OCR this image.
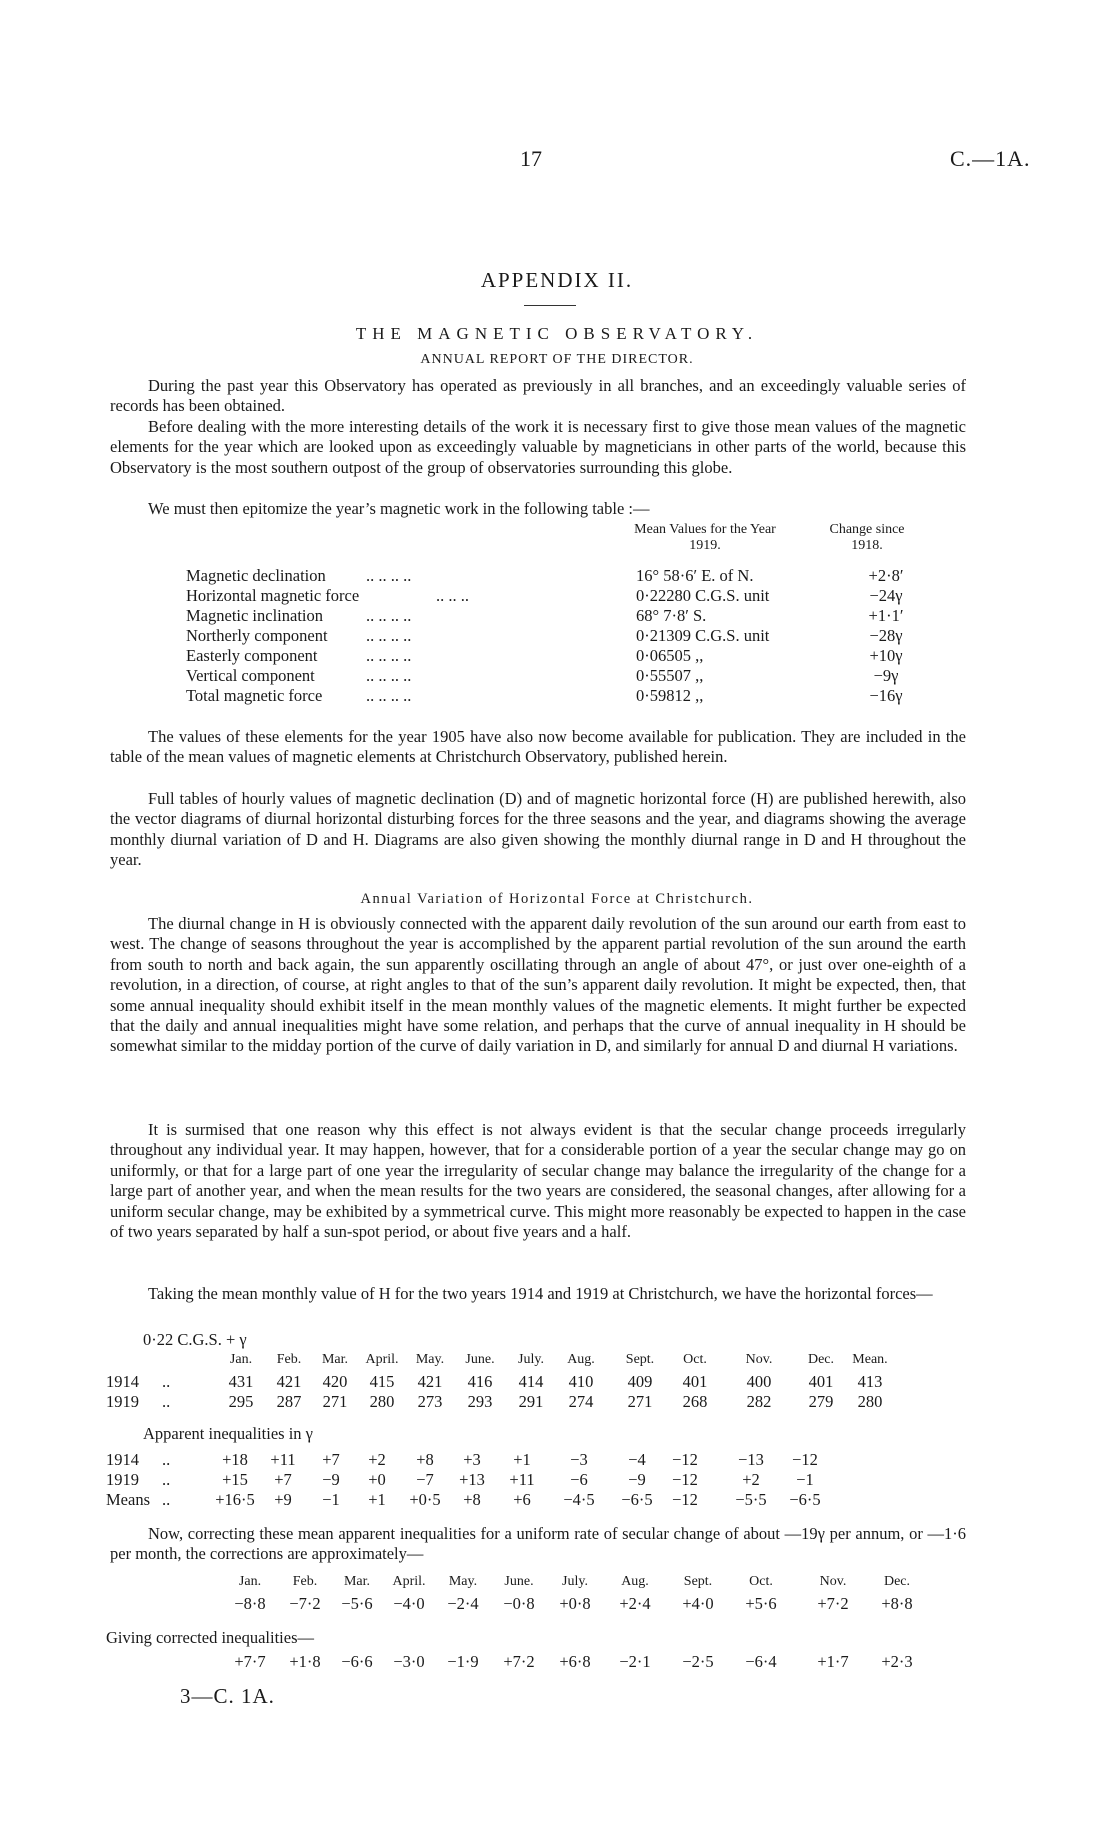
17	C.—1A.
APPENDIX II.
THE MAGNETIC OBSERVATORY.
ANNUAL REPORT OF THE DIRECTOR.
During the past year this Observatory has operated as previously in all branches, and an exceedingly valuable series of records has been obtained.
Before dealing with the more interesting details of the work it is necessary first to give those mean values of the magnetic elements for the year which are looked upon as exceedingly valuable by magneticians in other parts of the world, because this Observatory is the most southern outpost of the group of observatories surrounding this globe.
We must then epitomize the year’s magnetic work in the following table :—
Mean Values for the Year 1919.
Change since 1918.
Magnetic declination .. .. .. ..	16° 58·6′ E. of N.	+2·8′
Horizontal magnetic force	.. .. ..	0·22280 C.G.S. unit	−24γ
Magnetic inclination	.. .. .. ..	68° 7·8′ S.	+1·1′
Northerly component .. .. .. ..	0·21309 C.G.S. unit	−28γ
Easterly component	.. .. .. ..	0·06505 ,,	+10γ
Vertical component	.. .. .. ..	0·55507 ,,	−9γ
Total magnetic force	.. .. .. ..	0·59812 ,,	−16γ
The values of these elements for the year 1905 have also now become available for publication. They are included in the table of the mean values of magnetic elements at Christchurch Observatory, published herein.
Full tables of hourly values of magnetic declination (D) and of magnetic horizontal force (H) are published herewith, also the vector diagrams of diurnal horizontal disturbing forces for the three seasons and the year, and diagrams showing the average monthly diurnal variation of D and H. Diagrams are also given showing the monthly diurnal range in D and H throughout the year.
Annual Variation of Horizontal Force at Christchurch.
The diurnal change in H is obviously connected with the apparent daily revolution of the sun around our earth from east to west. The change of seasons throughout the year is accomplished by the apparent partial revolution of the sun around the earth from south to north and back again, the sun apparently oscillating through an angle of about 47°, or just over one-eighth of a revolution, in a direction, of course, at right angles to that of the sun’s apparent daily revolution. It might be expected, then, that some annual inequality should exhibit itself in the mean monthly values of the magnetic elements. It might further be expected that the daily and annual inequalities might have some relation, and perhaps that the curve of annual inequality in H should be somewhat similar to the midday portion of the curve of daily variation in D, and similarly for annual D and diurnal H variations.
It is surmised that one reason why this effect is not always evident is that the secular change proceeds irregularly throughout any individual year. It may happen, however, that for a considerable portion of a year the secular change may go on uniformly, or that for a large part of one year the irregularity of secular change may balance the irregularity of the change for a large part of another year, and when the mean results for the two years are considered, the seasonal changes, after allowing for a uniform secular change, may be exhibited by a symmetrical curve. This might more reasonably be expected to happen in the case of two years separated by half a sun-spot period, or about five years and a half.
Taking the mean monthly value of H for the two years 1914 and 1919 at Christchurch, we have the horizontal forces—
0·22 C.G.S. + γ
Jan.	Feb.	Mar.	April.	May.	June.	July.	Aug.	Sept.	Oct.	Nov.	Dec.	Mean.
1914	..	431	421	420	415	421	416	414	410	409	401	400	401	413
1919	..	295	287	271	280	273	293	291	274	271	268	282	279	280
Apparent inequalities in γ
1914	..	+18	+11	+7	+2	+8	+3	+1	−3	−4	−12	−13	−12
1919	..	+15	+7	−9	+0	−7	+13	+11	−6	−9	−12	+2	−1
Means ..	+16·5	+9	−1	+1	+0·5	+8	+6	−4·5	−6·5	−12	−5·5	−6·5
Now, correcting these mean apparent inequalities for a uniform rate of secular change of about —19γ per annum, or —1·6 per month, the corrections are approximately—
Jan.	Feb.	Mar.	April.	May.	June.	July.	Aug.	Sept.	Oct.	Nov.	Dec.
−8·8	−7·2	−5·6	−4·0	−2·4	−0·8	+0·8	+2·4	+4·0	+5·6	+7·2	+8·8
Giving corrected inequalities—
+7·7	+1·8	−6·6	−3·0	−1·9	+7·2	+6·8	−2·1	−2·5	−6·4	+1·7	+2·3
3—C. 1A.
